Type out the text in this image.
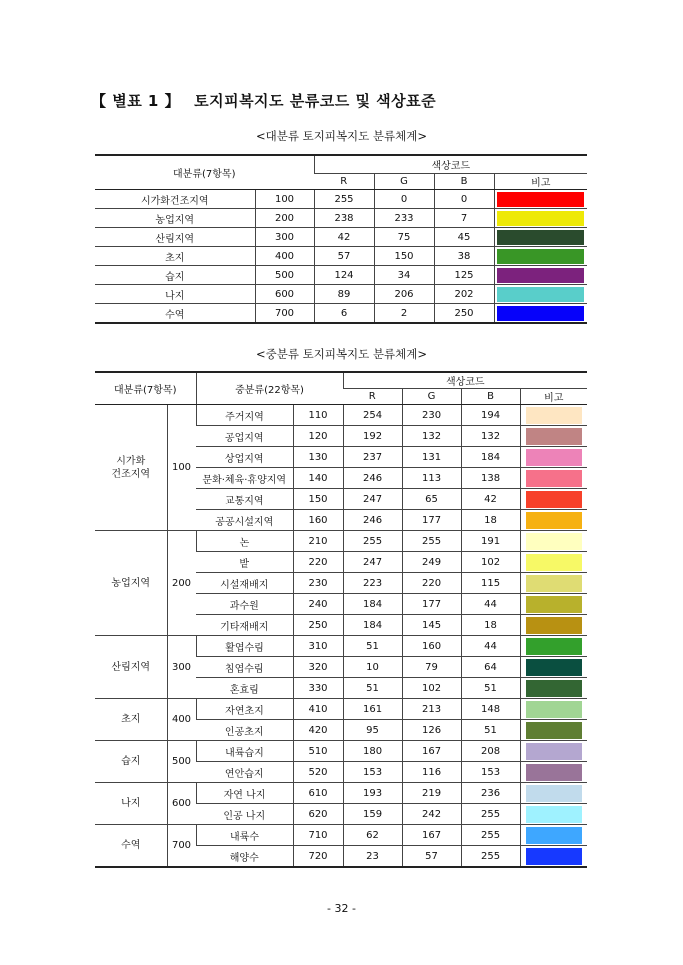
【 별표 1 】 토지피복지도 분류코드 및 색상표준
<대분류 토지피복지도 분류체계>
대분류(7항목)		색상코드			
		R	G	B	비고
시가화건조지역	100	255	0	0	

농업지역	200	238	233	7	

산림지역	300	42	75	45	

초지	400	57	150	38	

습지	500	124	34	125	

나지	600	89	206	202	

수역	700	6	2	250	
<중분류 토지피복지도 분류체계>
대분류(7항목)		중분류(22항목)		색상코드			
				R	G	B	비고
시가화
건조지역	100	주거지역	110	254	230	194	

		공업지역	120	192	132	132	

		상업지역	130	237	131	184	

		문화·체육·휴양지역	140	246	113	138	

		교통지역	150	247	65	42	

		공공시설지역	160	246	177	18	

농업지역	200	논	210	255	255	191	

		밭	220	247	249	102	

		시설재배지	230	223	220	115	

		과수원	240	184	177	44	

		기타재배지	250	184	145	18	

산림지역	300	활엽수림	310	51	160	44	

		침엽수림	320	10	79	64	

		혼효림	330	51	102	51	

초지	400	자연초지	410	161	213	148	

		인공초지	420	95	126	51	

습지	500	내륙습지	510	180	167	208	

		연안습지	520	153	116	153	

나지	600	자연 나지	610	193	219	236	

		인공 나지	620	159	242	255	

수역	700	내륙수	710	62	167	255	

		해양수	720	23	57	255	
- 32 -
